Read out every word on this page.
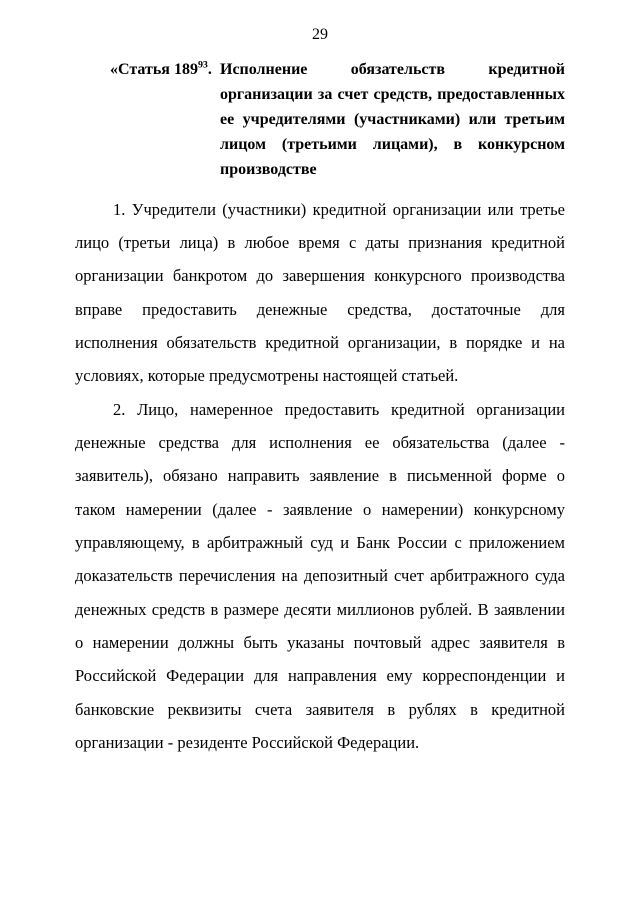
29
«Статья $189^{93}$. Исполнение обязательств кредитной организации за счет средств, предоставленных ее учредителями (участниками) или третьим лицом (третьими лицами), в конкурсном производстве

1. Учредители (участники) кредитной организации или третье лицо (третьи лица) в любое время с даты признания кредитной организации банкротом до завершения конкурсного производства вправе предоставить денежные средства, достаточные для исполнения обязательств кредитной организации, в порядке и на условиях, которые предусмотрены настоящей статьей.

2. Лицо, намеренное предоставить кредитной организации денежные средства для исполнения ее обязательства (далее - заявитель), обязано направить заявление в письменной форме о таком намерении (далее - заявление о намерении) конкурсному управляющему, в арбитражный суд и Банк России с приложением доказательств перечисления на депозитный счет арбитражного суда денежных средств в размере десяти миллионов рублей. В заявлении о намерении должны быть указаны почтовый адрес заявителя в Российской Федерации для направления ему корреспонденции и банковские реквизиты счета заявителя в рублях в кредитной организации - резиденте Российской Федерации.
